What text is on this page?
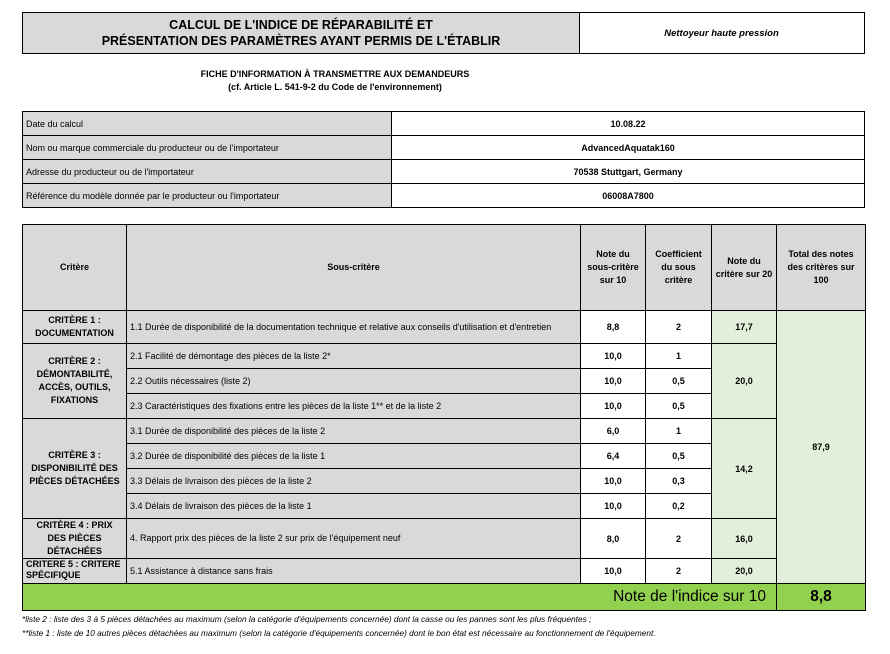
CALCUL DE L'INDICE DE RÉPARABILITÉ ET
PRÉSENTATION DES PARAMÈTRES AYANT PERMIS DE L'ÉTABLIR
Nettoyeur haute pression
FICHE D'INFORMATION À TRANSMETTRE AUX DEMANDEURS
(cf. Article L. 541-9-2 du Code de l'environnement)
Date du calcul	10.08.22
Nom ou marque commerciale du producteur ou de l'importateur	AdvancedAquatak160
Adresse du producteur ou de l'importateur	70538 Stuttgart, Germany
Référence du modèle donnée par le producteur ou l'importateur	06008A7800
Critère	Sous-critère	Note du sous-critère sur 10	Coefficient du sous critère	Note du critère sur 20	Total des notes des critères sur 100
CRITÈRE 1 : DOCUMENTATION	1.1 Durée de disponibilité de la documentation technique et relative aux conseils d'utilisation et d'entretien	8,8	2	17,7	87,9
CRITÈRE 2 : DÉMONTABILITÉ, ACCÈS, OUTILS, FIXATIONS	2.1 Facilité de démontage des pièces de la liste 2*	10,0	1	20,0	
	2.2 Outils nécessaires (liste 2)	10,0	0,5		
	2.3 Caractéristiques des fixations entre les pièces de la liste 1** et de la liste 2	10,0	0,5		
CRITÈRE 3 : DISPONIBILITÉ DES PIÈCES DÉTACHÉES	3.1 Durée de disponibilité des pièces de la liste 2	6,0	1	14,2	
	3.2 Durée de disponibilité des pièces de la liste 1	6,4	0,5		
	3.3 Délais de livraison des pièces de la liste 2	10,0	0,3		
	3.4 Délais de livraison des pièces de la liste 1	10,0	0,2		
CRITÈRE 4 : PRIX DES PIÈCES DÉTACHÉES	4. Rapport prix des pièces de la liste 2 sur prix de l'équipement neuf	8,0	2	16,0	
CRITERE 5 : CRITERE SPÉCIFIQUE	5.1 Assistance à distance sans frais	10,0	2	20,0	
Note de l'indice sur 10					8,8
*liste 2 : liste des 3 à 5 pièces détachées au maximum (selon la catégorie d'équipements concernée) dont la casse ou les pannes sont les plus fréquentes ;
**liste 1 : liste de 10 autres pièces détachées au maximum (selon la catégorie d'équipements concernée) dont le bon état est nécessaire au fonctionnement de l'équipement.
